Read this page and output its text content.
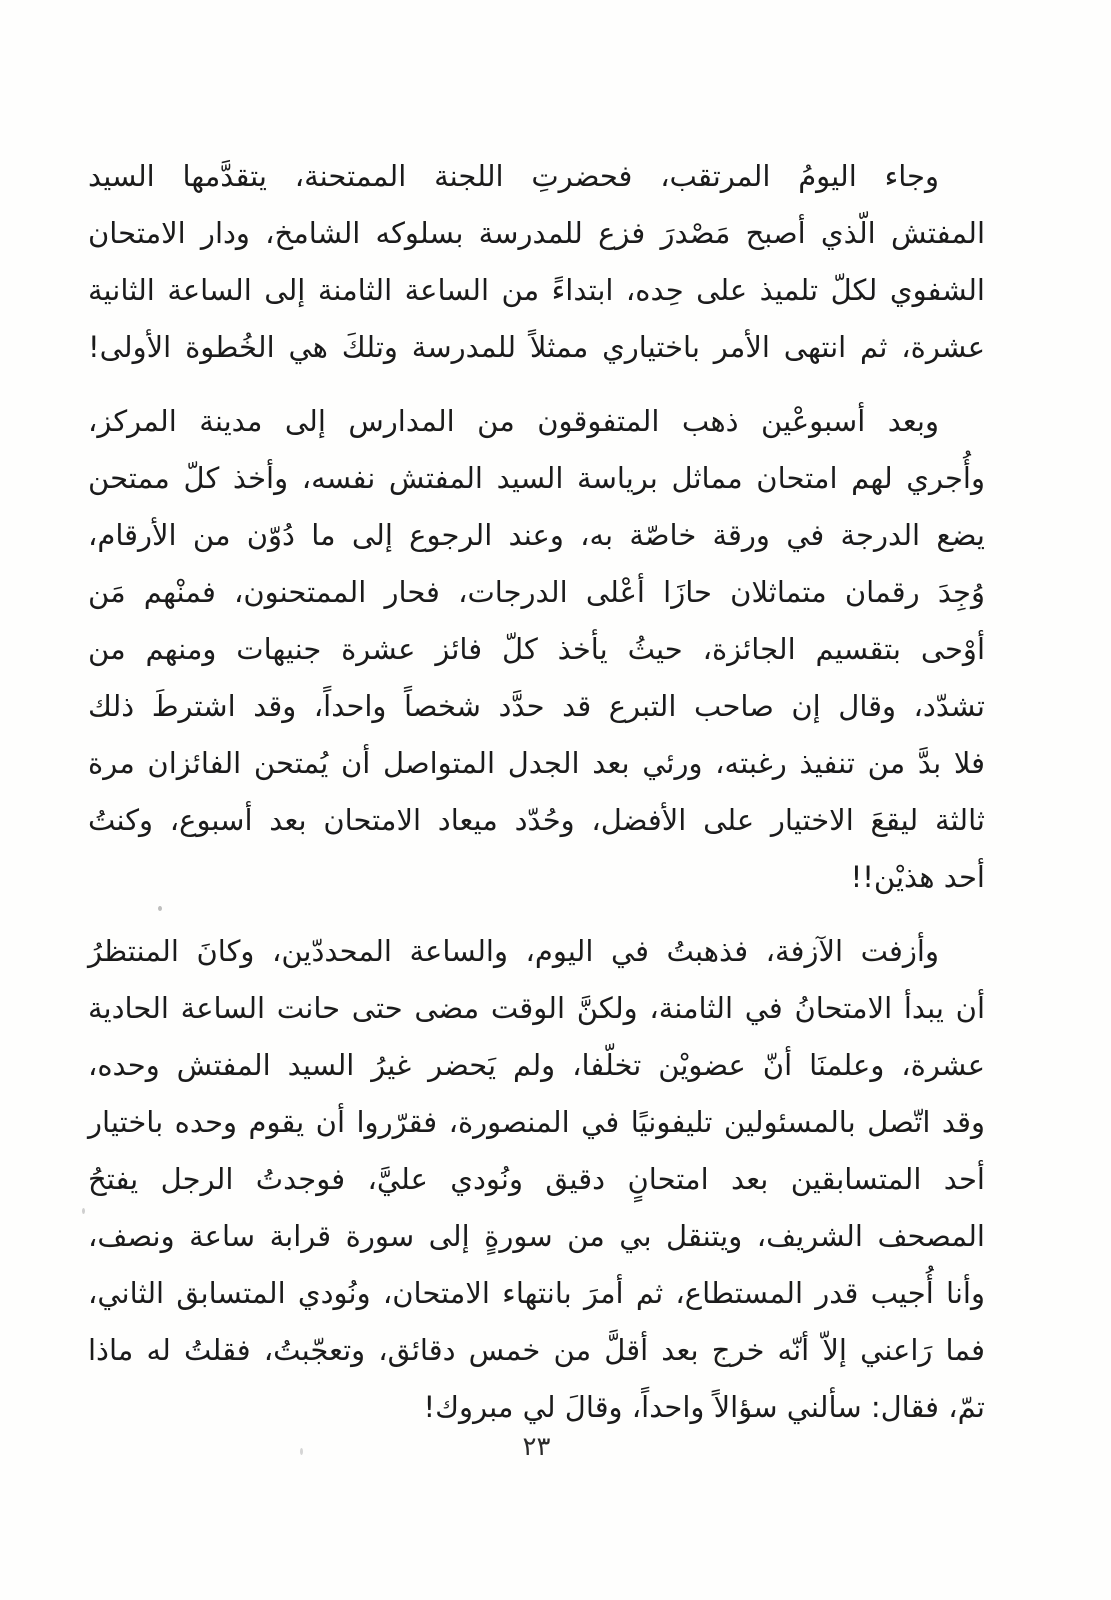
وجاء اليومُ المرتقب، فحضرتِ اللجنة الممتحنة، يتقدَّمها السيد
المفتش الّذي أصبح مَصْدرَ فزع للمدرسة بسلوكه الشامخ، ودار الامتحان
الشفوي لكلّ تلميذ على حِده، ابتداءً من الساعة الثامنة إلى الساعة الثانية
عشرة، ثم انتهى الأمر باختياري ممثلاً للمدرسة وتلكَ هي الخُطوة الأولى!
وبعد أسبوعْين ذهب المتفوقون من المدارس إلى مدينة المركز،
وأُجري لهم امتحان مماثل برياسة السيد المفتش نفسه، وأخذ كلّ ممتحن
يضع الدرجة في ورقة خاصّة به، وعند الرجوع إلى ما دُوّن من الأرقام،
وُجِدَ رقمان متماثلان حازَا أعْلى الدرجات، فحار الممتحنون، فمنْهم مَن
أوْحى بتقسيم الجائزة، حيثُ يأخذ كلّ فائز عشرة جنيهات ومنهم من
تشدّد، وقال إن صاحب التبرع قد حدَّد شخصاً واحداً، وقد اشترطَ ذلك
فلا بدَّ من تنفيذ رغبته، ورئي بعد الجدل المتواصل أن يُمتحن الفائزان مرة
ثالثة ليقعَ الاختيار على الأفضل، وحُدّد ميعاد الامتحان بعد أسبوع، وكنتُ
أحد هذيْن!!
وأزفت الآزفة، فذهبتُ في اليوم، والساعة المحددّين، وكانَ المنتظرُ
أن يبدأ الامتحانُ في الثامنة، ولكنَّ الوقت مضى حتى حانت الساعة الحادية
عشرة، وعلمنَا أنّ عضويْن تخلّفا، ولم يَحضر غيرُ السيد المفتش وحده،
وقد اتّصل بالمسئولين تليفونيًا في المنصورة، فقرّروا أن يقوم وحده باختيار
أحد المتسابقين بعد امتحانٍ دقيق ونُودي عليَّ، فوجدتُ الرجل يفتحُ
المصحف الشريف، ويتنقل بي من سورةٍ إلى سورة قرابة ساعة ونصف،
وأنا أُجيب قدر المستطاع، ثم أمرَ بانتهاء الامتحان، ونُودي المتسابق الثاني،
فما رَاعني إلاّ أنّه خرج بعد أقلَّ من خمس دقائق، وتعجّبتُ، فقلتُ له ماذا
تمّ، فقال: سألني سؤالاً واحداً، وقالَ لي مبروك!
٢٣
